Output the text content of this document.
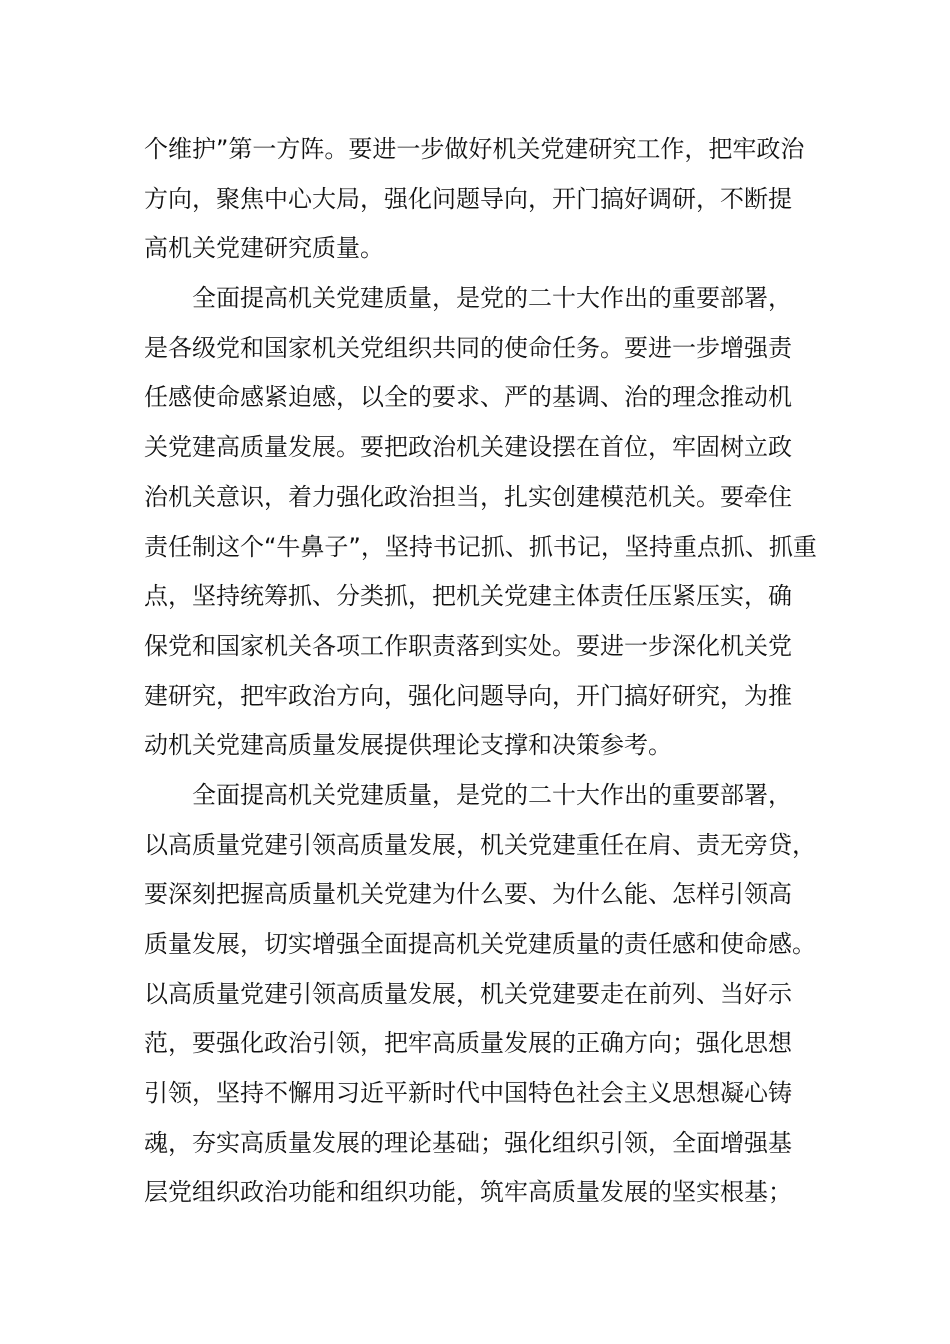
个维护”第一方阵。要进一步做好机关党建研究工作，把牢政治
方向，聚焦中心大局，强化问题导向，开门搞好调研，不断提
高机关党建研究质量。
全面提高机关党建质量，是党的二十大作出的重要部署，
是各级党和国家机关党组织共同的使命任务。要进一步增强责
任感使命感紧迫感，以全的要求、严的基调、治的理念推动机
关党建高质量发展。要把政治机关建设摆在首位，牢固树立政
治机关意识，着力强化政治担当，扎实创建模范机关。要牵住
责任制这个“牛鼻子”，坚持书记抓、抓书记，坚持重点抓、抓重
点，坚持统筹抓、分类抓，把机关党建主体责任压紧压实，确
保党和国家机关各项工作职责落到实处。要进一步深化机关党
建研究，把牢政治方向，强化问题导向，开门搞好研究，为推
动机关党建高质量发展提供理论支撑和决策参考。
全面提高机关党建质量，是党的二十大作出的重要部署，
以高质量党建引领高质量发展，机关党建重任在肩、责无旁贷，
要深刻把握高质量机关党建为什么要、为什么能、怎样引领高
质量发展，切实增强全面提高机关党建质量的责任感和使命感。
以高质量党建引领高质量发展，机关党建要走在前列、当好示
范，要强化政治引领，把牢高质量发展的正确方向；强化思想
引领，坚持不懈用习近平新时代中国特色社会主义思想凝心铸
魂，夯实高质量发展的理论基础；强化组织引领，全面增强基
层党组织政治功能和组织功能，筑牢高质量发展的坚实根基；
